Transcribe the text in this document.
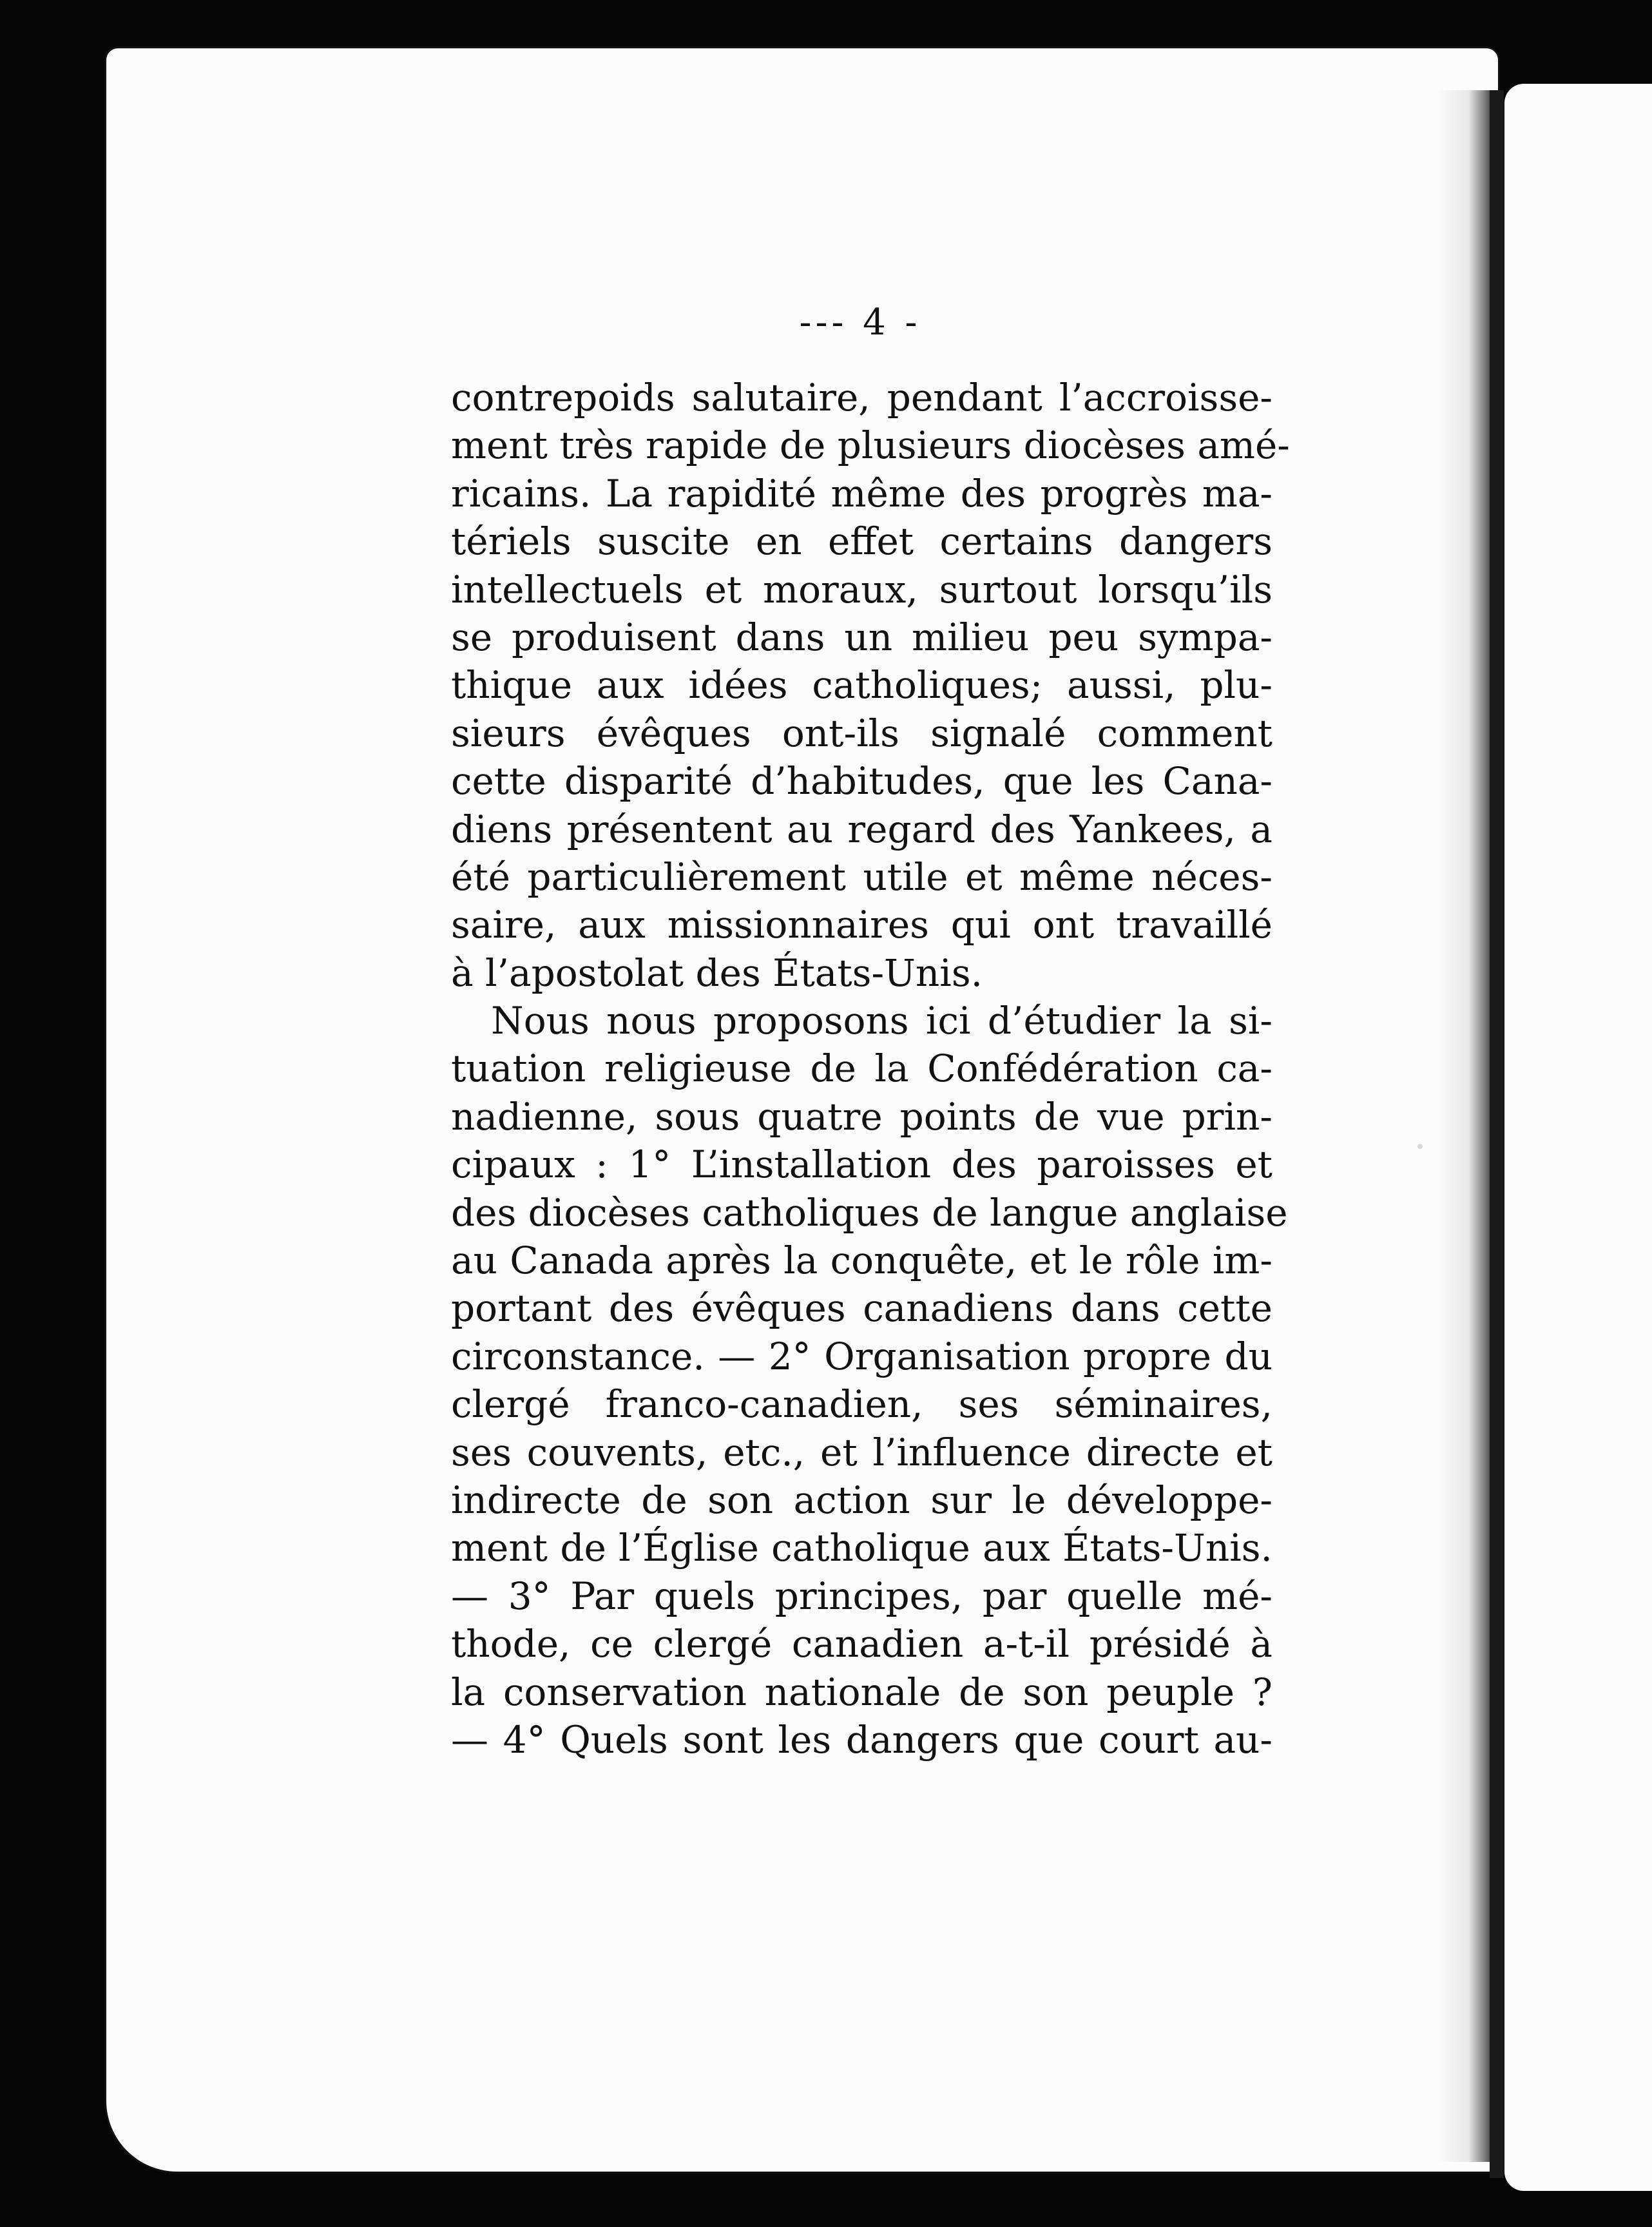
--- 4 -
contrepoids salutaire, pendant l’accroisse-
ment très rapide de plusieurs diocèses amé-
ricains. La rapidité même des progrès ma-
tériels suscite en effet certains dangers
intellectuels et moraux, surtout lorsqu’ils
se produisent dans un milieu peu sympa-
thique aux idées catholiques; aussi, plu-
sieurs évêques ont-ils signalé comment
cette disparité d’habitudes, que les Cana-
diens présentent au regard des Yankees, a
été particulièrement utile et même néces-
saire, aux missionnaires qui ont travaillé
à l’apostolat des États-Unis.
Nous nous proposons ici d’étudier la si-
tuation religieuse de la Confédération ca-
nadienne, sous quatre points de vue prin-
cipaux : 1° L’installation des paroisses et
des diocèses catholiques de langue anglaise
au Canada après la conquête, et le rôle im-
portant des évêques canadiens dans cette
circonstance. — 2° Organisation propre du
clergé franco-canadien, ses séminaires,
ses couvents, etc., et l’influence directe et
indirecte de son action sur le développe-
ment de l’Église catholique aux États-Unis.
— 3° Par quels principes, par quelle mé-
thode, ce clergé canadien a-t-il présidé à
la conservation nationale de son peuple ?
— 4° Quels sont les dangers que court au-
